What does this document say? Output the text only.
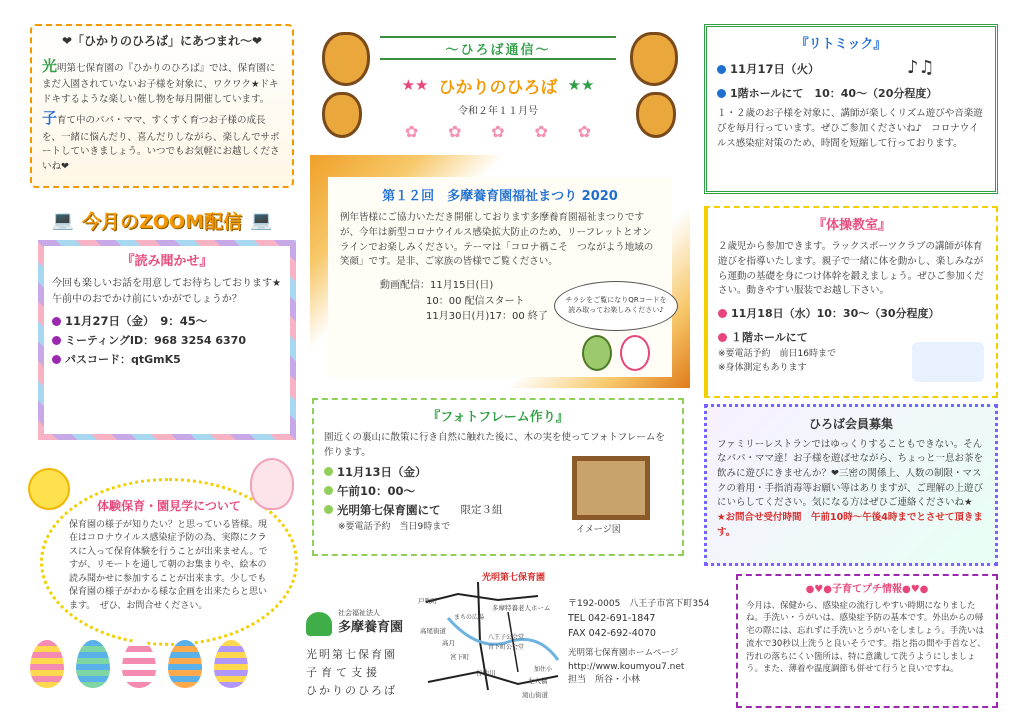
❤「ひかりのひろば」にあつまれ〜❤

光明第七保育園の『ひかりのひろば』では、保育園にまだ入園されていないお子様を対象に、ワクワク★ドキドキするような楽しい催し物を毎月開催しています。

子育て中のパパ・ママ、すくすく育つお子様の成長を、一緒に悩んだり、喜んだりしながら、楽しんでサポートしていきましょう。いつでもお気軽にお越しくださいね❤

💻 今月のZOOM配信 💻

『読み聞かせ』

今回も楽しいお話を用意してお待ちしております★午前中のおでかけ前にいかがでしょうか？

11月27日（金）　9：45〜
ミーティングID：968 3254 6370
パスコード：qtGmK5

体験保育・園見学について

保育園の様子が知りたい？と思っている皆様。現在はコロナウイルス感染症予防の為、実際にクラスに入って保育体験を行うことが出来ません。ですが、リモートを通して朝のお集まりや、絵本の読み聞かせに参加することが出来ます。少しでも保育園の様子がわかる様な企画を出来たらと思います。　ぜひ、お問合せください。

〜ひろば通信〜
★★ ひかりのひろば ★★

令和２年１１月号

✿ ✿ ✿ ✿ ✿

第１２回　多摩養育園福祉まつり 2020

例年皆様にご協力いただき開催しております多摩養育園福祉まつりですが、今年は新型コロナウイルス感染拡大防止のため、リーフレットとオンラインでお楽しみください。テーマは「コロナ禍こそ　つながよう地域の笑顔」です。是非、ご家族の皆様でご覧ください。

動画配信：11月15日(日)

10：00 配信スタート

11月30日(月)17：00 終了

チラシをご覧になりQRコードを読み取ってお楽しみください♪

『フォトフレーム作り』

園近くの裏山に散策に行き自然に触れた後に、木の実を使ってフォトフレームを作ります。

11月13日（金）
午前10：00〜
光明第七保育園にて 限定３組

※要電話予約　当日9時まで	イメージ図

社会福祉法人

多摩養育園

光明第七保育園

子育て支援

ひかりのひろば

光明第七保育園

戸吹町
多摩特養老人ホーム
高尾街道
高月
八王子公会堂
宮下町
谷地川
左入橋
加住小
滝山街道
まちの広場
宮下町公会堂

〒192-0005　八王子市宮下町354

TEL 042-691-1847

FAX 042-692-4070

光明第七保育園ホームページ

http://www.koumyou7.net

担当　所谷・小林

『リトミック』

11月17日（火）
1階ホールにて　10：40〜（20分程度）

１・２歳のお子様を対象に、講師が楽しくリズム遊びや音楽遊びを毎月行っています。ぜひご参加くださいね♪　コロナウイルス感染症対策のため、時間を短縮して行っております。

♪♫

『体操教室』

２歳児から参加できます。ラックスポーツクラブの講師が体育遊びを指導いたします。親子で一緒に体を動かし、楽しみながら運動の基礎を身につけ体幹を鍛えましょう。ぜひご参加ください。動きやすい服装でお越し下さい。

11月18日（水）10：30〜（30分程度）
１階ホールにて

※要電話予約　前日16時まで

※身体測定もあります

ひろば会員募集

ファミリーレストランではゆっくりすることもできない。そんなパパ・ママ達！お子様を遊ばせながら、ちょっと一息お茶を飲みに遊びにきませんか？❤三密の関係上、人数の制限・マスクの着用・手指消毒等お願い等はありますが、ご理解の上遊びにいらしてください。気になる方はぜひご連絡くださいね★

★お問合せ受付時間　午前10時〜午後4時までとさせて頂きます。

●♥●子育てプチ情報●♥●

今月は、保健から、感染症の流行しやすい時期になりましたね。手洗い・うがいは、感染症予防の基本です。外出からの帰宅の際には、忘れずに手洗いとうがいをしましょう。手洗いは流水で30秒以上洗うと良いそうです。指と指の間や手首など、汚れの落ちにくい箇所は、特に意識して洗うようにしましょう。また、薄着や温度調節も併せて行うと良いですね。
